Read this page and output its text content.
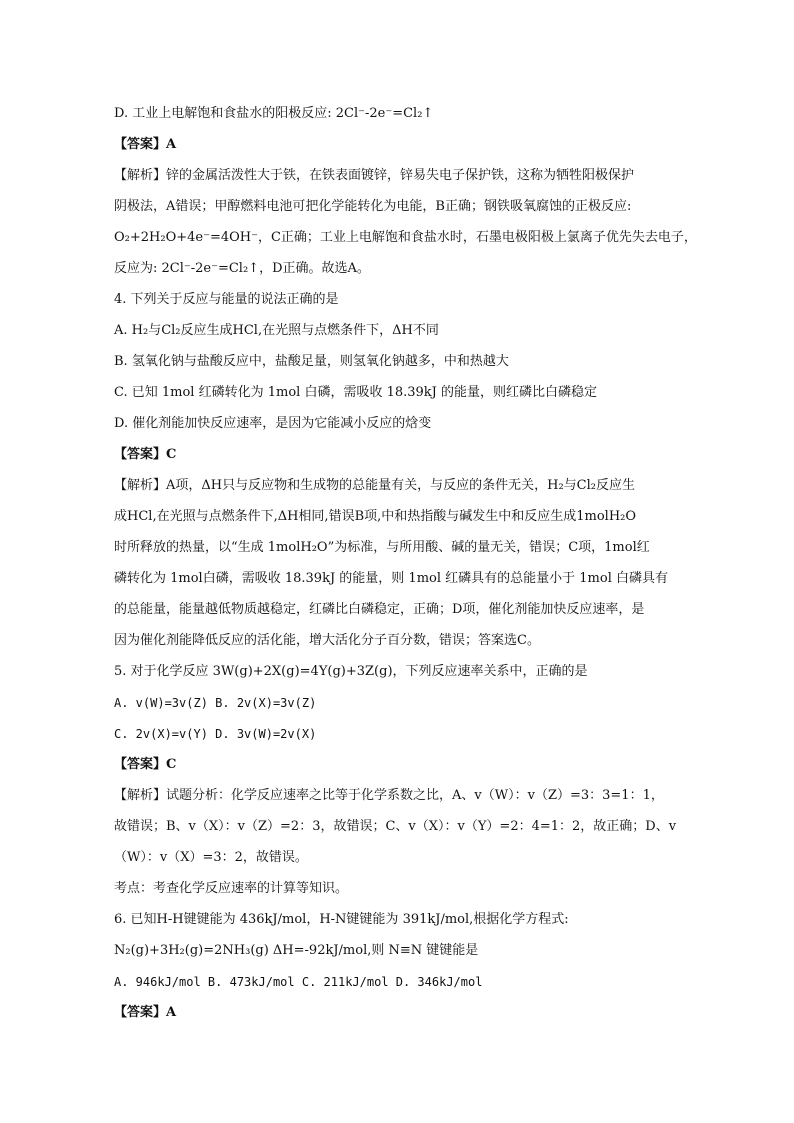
D. 工业上电解饱和食盐水的阳极反应: 2Cl⁻-2e⁻=Cl₂↑
【答案】A
【解析】锌的金属活泼性大于铁，在铁表面镀锌，锌易失电子保护铁，这称为牺牲阳极保护
阴极法，A错误；甲醇燃料电池可把化学能转化为电能，B正确；钢铁吸氧腐蚀的正极反应:
O₂+2H₂O+4e⁻=4OH⁻，C正确；工业上电解饱和食盐水时，石墨电极阳极上氯离子优先失去电子，
反应为: 2Cl⁻-2e⁻=Cl₂↑，D正确。故选A。
4. 下列关于反应与能量的说法正确的是
A. H₂与Cl₂反应生成HCl,在光照与点燃条件下，ΔH不同
B. 氢氧化钠与盐酸反应中，盐酸足量，则氢氧化钠越多，中和热越大
C. 已知 1mol 红磷转化为 1mol 白磷，需吸收 18.39kJ 的能量，则红磷比白磷稳定
D. 催化剂能加快反应速率，是因为它能减小反应的焓变
【答案】C
【解析】A项，ΔH只与反应物和生成物的总能量有关，与反应的条件无关，H₂与Cl₂反应生
成HCl,在光照与点燃条件下,ΔH相同,错误B项,中和热指酸与碱发生中和反应生成1molH₂O
时所释放的热量，以“生成 1molH₂O”为标准，与所用酸、碱的量无关，错误；C项，1mol红
磷转化为 1mol白磷，需吸收 18.39kJ 的能量，则 1mol 红磷具有的总能量小于 1mol 白磷具有
的总能量，能量越低物质越稳定，红磷比白磷稳定，正确；D项，催化剂能加快反应速率，是
因为催化剂能降低反应的活化能，增大活化分子百分数，错误；答案选C。
5. 对于化学反应 3W(g)+2X(g)=4Y(g)+3Z(g)，下列反应速率关系中，正确的是
A. v(W)=3v(Z) B. 2v(X)=3v(Z)
C. 2v(X)=v(Y) D. 3v(W)=2v(X)
【答案】C
【解析】试题分析：化学反应速率之比等于化学系数之比，A、v（W）：v（Z）=3：3=1：1，
故错误；B、v（X）：v（Z）=2：3，故错误；C、v（X）：v（Y）=2：4=1：2，故正确；D、v
（W）：v（X）=3：2，故错误。
考点：考查化学反应速率的计算等知识。
6. 已知H-H键键能为 436kJ/mol，H-N键键能为 391kJ/mol,根据化学方程式:
N₂(g)+3H₂(g)=2NH₃(g) ΔH=-92kJ/mol,则 N≡N 键键能是
A. 946kJ/mol B. 473kJ/mol C. 211kJ/mol D. 346kJ/mol
【答案】A
